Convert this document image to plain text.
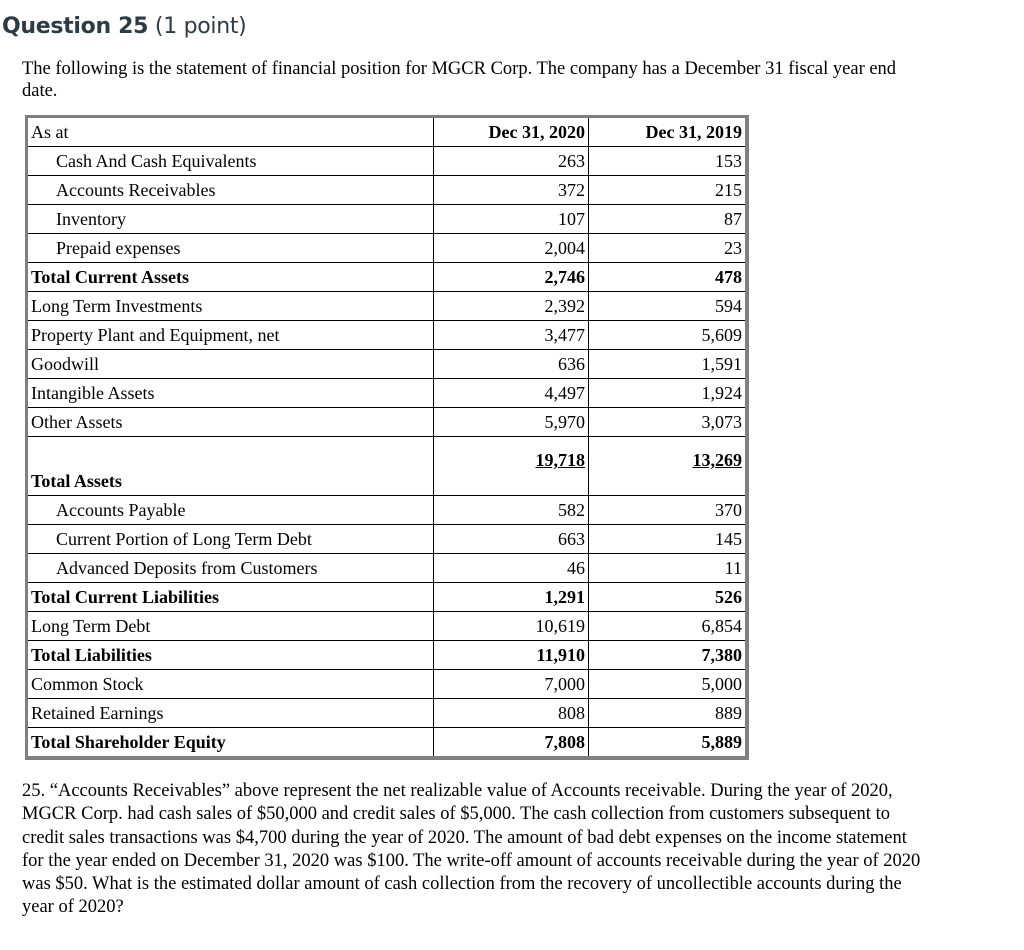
Question 25 (1 point)

The following is the statement of financial position for MGCR Corp. The company has a December 31 fiscal year end date.

As at	Dec 31, 2020	Dec 31, 2019
Cash And Cash Equivalents	263	153
Accounts Receivables	372	215
Inventory	107	87
Prepaid expenses	2,004	23
Total Current Assets	2,746	478
Long Term Investments	2,392	594
Property Plant and Equipment, net	3,477	5,609
Goodwill	636	1,591
Intangible Assets	4,497	1,924
Other Assets	5,970	3,073
Total Assets	19,718	13,269
Accounts Payable	582	370
Current Portion of Long Term Debt	663	145
Advanced Deposits from Customers	46	11
Total Current Liabilities	1,291	526
Long Term Debt	10,619	6,854
Total Liabilities	11,910	7,380
Common Stock	7,000	5,000
Retained Earnings	808	889
Total Shareholder Equity	7,808	5,889

25. “Accounts Receivables” above represent the net realizable value of Accounts receivable. During the year of 2020, MGCR Corp. had cash sales of $50,000 and credit sales of $5,000. The cash collection from customers subsequent to credit sales transactions was $4,700 during the year of 2020. The amount of bad debt expenses on the income statement for the year ended on December 31, 2020 was $100. The write-off amount of accounts receivable during the year of 2020 was $50. What is the estimated dollar amount of cash collection from the recovery of uncollectible accounts during the year of 2020?
